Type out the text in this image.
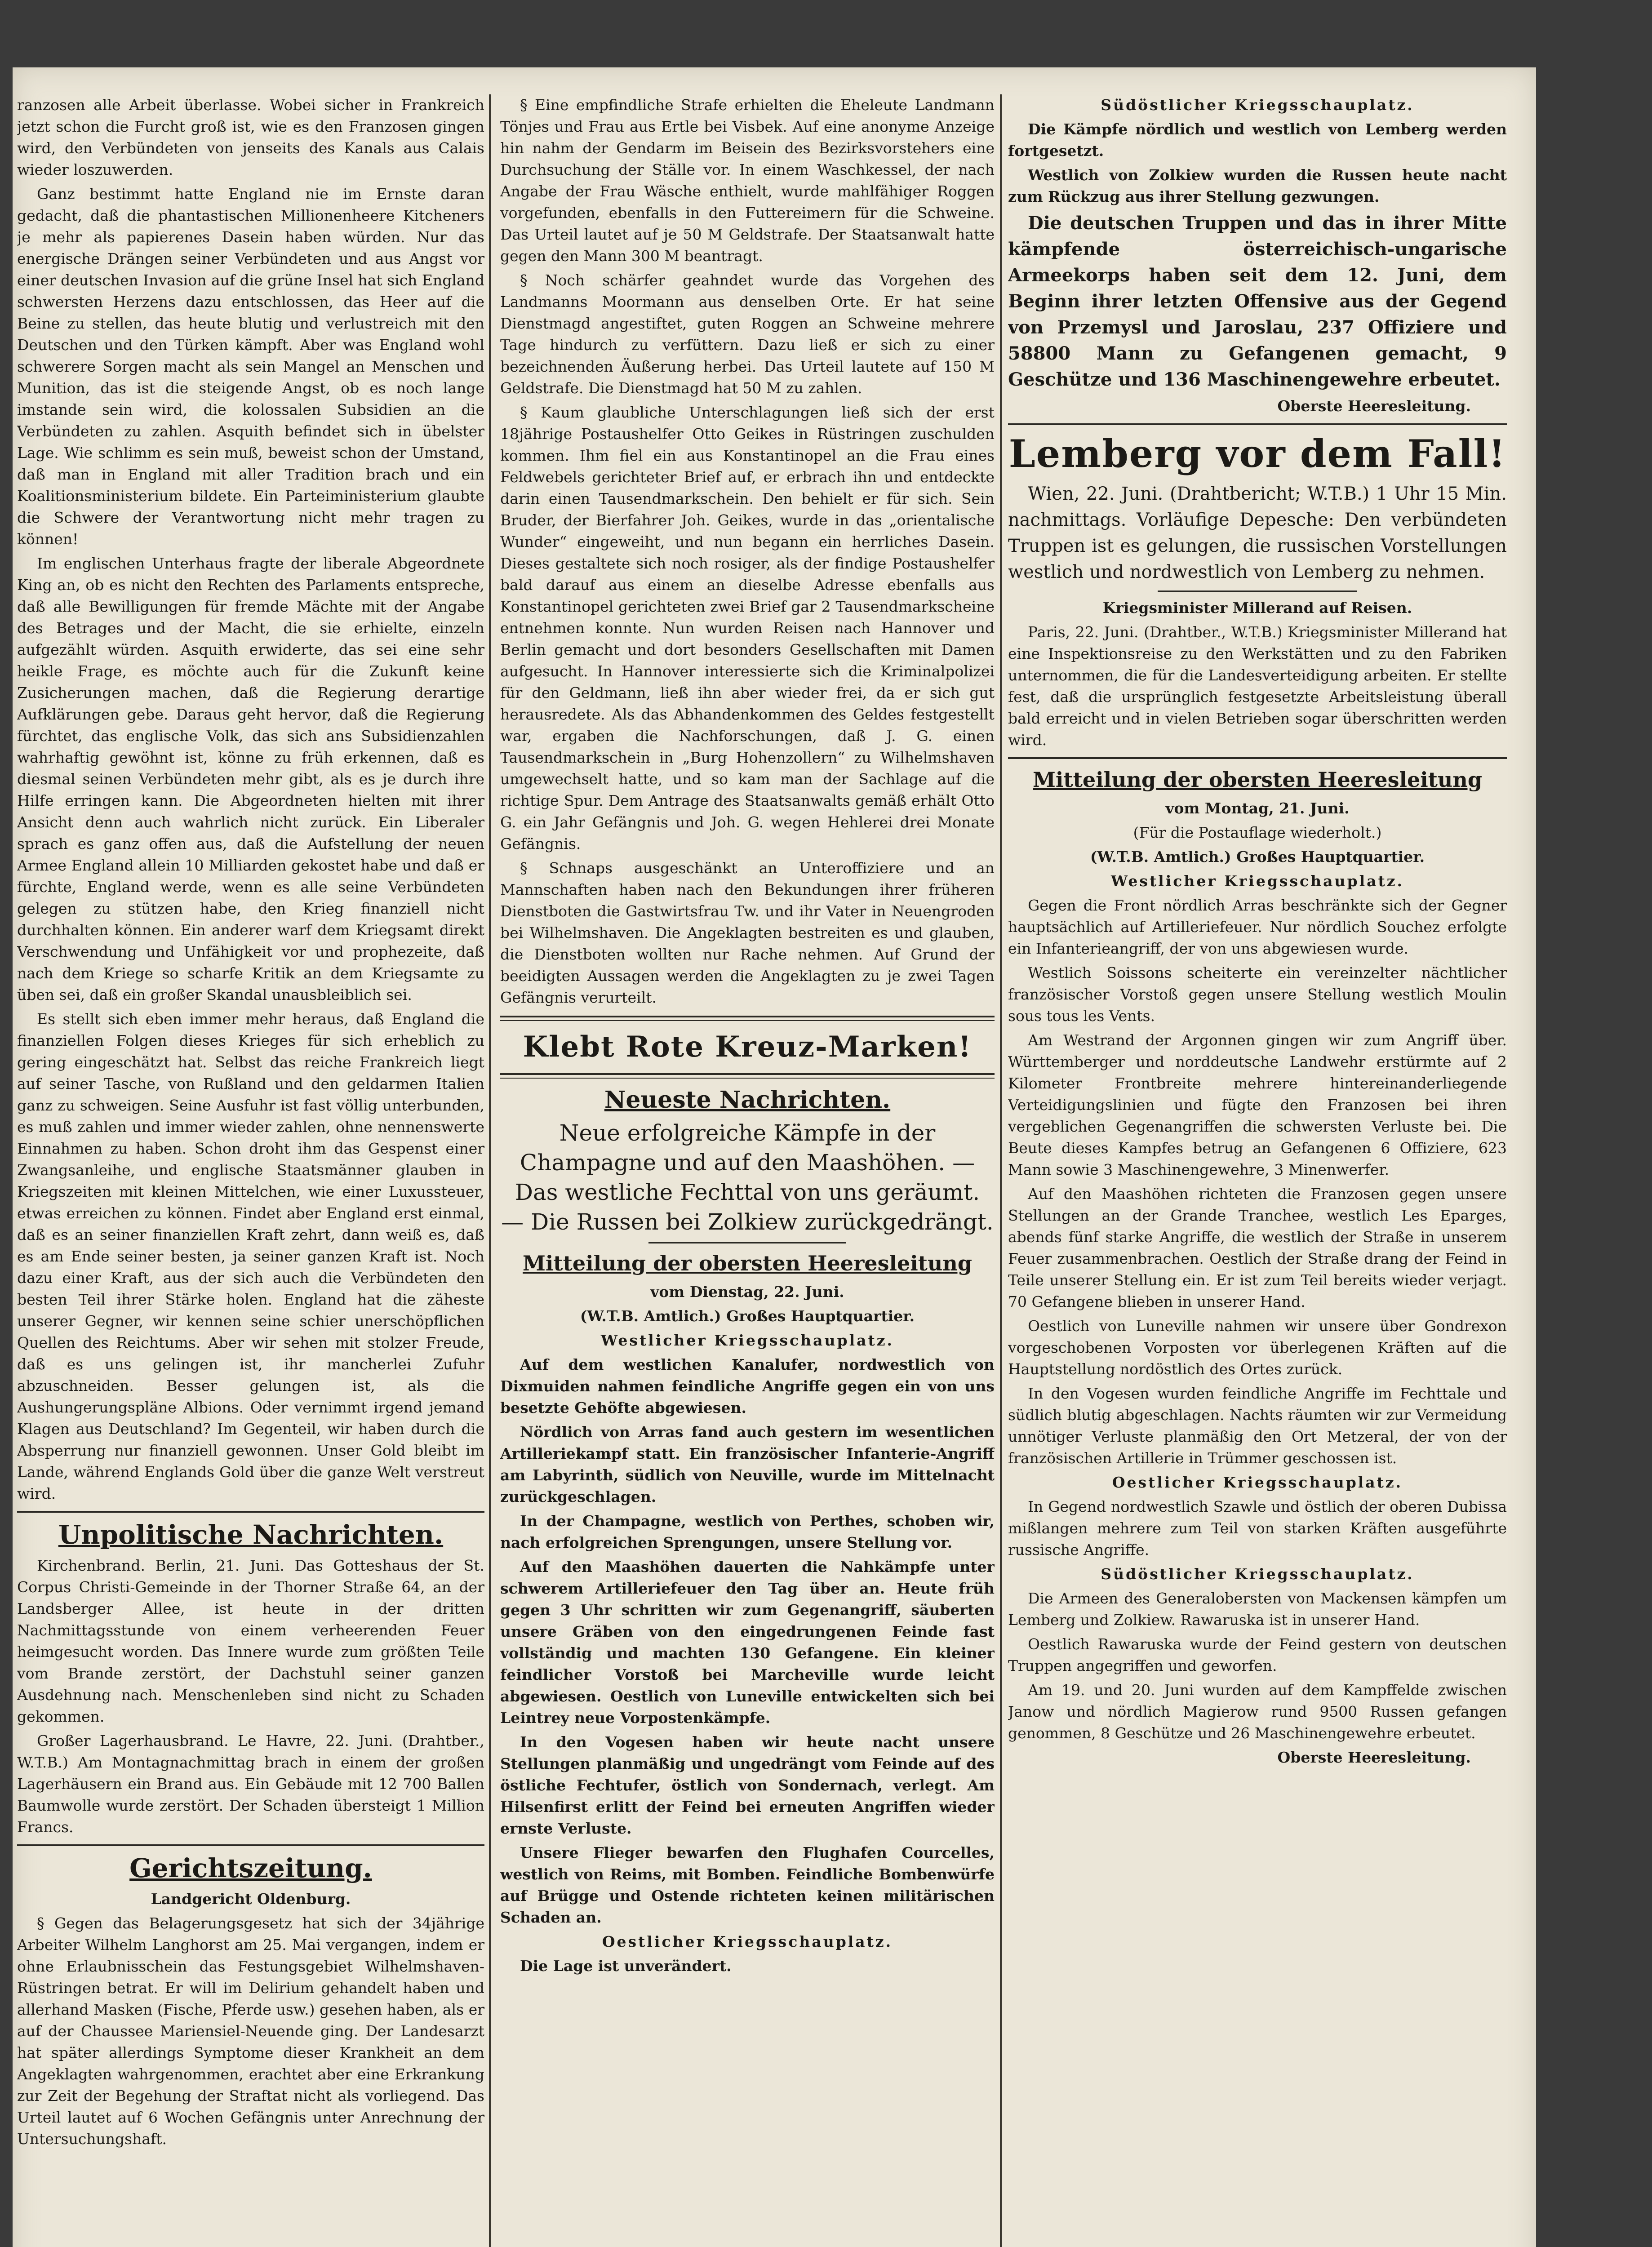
ranzosen alle Arbeit überlasse. Wobei sicher in Frankreich jetzt schon die Furcht groß ist, wie es den Franzosen gingen wird, den Verbündeten von jenseits des Kanals aus Calais wieder loszuwerden.

Ganz bestimmt hatte England nie im Ernste daran gedacht, daß die phantastischen Millionenheere Kitcheners je mehr als papierenes Dasein haben würden. Nur das energische Drängen seiner Verbündeten und aus Angst vor einer deutschen Invasion auf die grüne Insel hat sich England schwersten Herzens dazu entschlossen, das Heer auf die Beine zu stellen, das heute blutig und verlustreich mit den Deutschen und den Türken kämpft. Aber was England wohl schwerere Sorgen macht als sein Mangel an Menschen und Munition, das ist die steigende Angst, ob es noch lange imstande sein wird, die kolossalen Subsidien an die Verbündeten zu zahlen. Asquith befindet sich in übelster Lage. Wie schlimm es sein muß, beweist schon der Umstand, daß man in England mit aller Tradition brach und ein Koalitionsministerium bildete. Ein Parteiministerium glaubte die Schwere der Verantwortung nicht mehr tragen zu können!

Im englischen Unterhaus fragte der liberale Abgeordnete King an, ob es nicht den Rechten des Parlaments entspreche, daß alle Bewilligungen für fremde Mächte mit der Angabe des Betrages und der Macht, die sie erhielte, einzeln aufgezählt würden. Asquith erwiderte, das sei eine sehr heikle Frage, es möchte auch für die Zukunft keine Zusicherungen machen, daß die Regierung derartige Aufklärungen gebe. Daraus geht hervor, daß die Regierung fürchtet, das englische Volk, das sich ans Subsidienzahlen wahrhaftig gewöhnt ist, könne zu früh erkennen, daß es diesmal seinen Verbündeten mehr gibt, als es je durch ihre Hilfe erringen kann. Die Abgeordneten hielten mit ihrer Ansicht denn auch wahrlich nicht zurück. Ein Liberaler sprach es ganz offen aus, daß die Aufstellung der neuen Armee England allein 10 Milliarden gekostet habe und daß er fürchte, England werde, wenn es alle seine Verbündeten gelegen zu stützen habe, den Krieg finanziell nicht durchhalten können. Ein anderer warf dem Kriegsamt direkt Verschwendung und Unfähigkeit vor und prophezeite, daß nach dem Kriege so scharfe Kritik an dem Kriegsamte zu üben sei, daß ein großer Skandal unausbleiblich sei.

Es stellt sich eben immer mehr heraus, daß England die finanziellen Folgen dieses Krieges für sich erheblich zu gering eingeschätzt hat. Selbst das reiche Frankreich liegt auf seiner Tasche, von Rußland und den geldarmen Italien ganz zu schweigen. Seine Ausfuhr ist fast völlig unterbunden, es muß zahlen und immer wieder zahlen, ohne nennenswerte Einnahmen zu haben. Schon droht ihm das Gespenst einer Zwangsanleihe, und englische Staatsmänner glauben in Kriegszeiten mit kleinen Mittelchen, wie einer Luxussteuer, etwas erreichen zu können. Findet aber England erst einmal, daß es an seiner finanziellen Kraft zehrt, dann weiß es, daß es am Ende seiner besten, ja seiner ganzen Kraft ist. Noch dazu einer Kraft, aus der sich auch die Verbündeten den besten Teil ihrer Stärke holen. England hat die zäheste unserer Gegner, wir kennen seine schier unerschöpflichen Quellen des Reichtums. Aber wir sehen mit stolzer Freude, daß es uns gelingen ist, ihr mancherlei Zufuhr abzuschneiden. Besser gelungen ist, als die Aushungerungspläne Albions. Oder vernimmt irgend jemand Klagen aus Deutschland? Im Gegenteil, wir haben durch die Absperrung nur finanziell gewonnen. Unser Gold bleibt im Lande, während Englands Gold über die ganze Welt verstreut wird.

Unpolitische Nachrichten.

Kirchenbrand. Berlin, 21. Juni. Das Gotteshaus der St. Corpus Christi-Gemeinde in der Thorner Straße 64, an der Landsberger Allee, ist heute in der dritten Nachmittagsstunde von einem verheerenden Feuer heimgesucht worden. Das Innere wurde zum größten Teile vom Brande zerstört, der Dachstuhl seiner ganzen Ausdehnung nach. Menschenleben sind nicht zu Schaden gekommen.

Großer Lagerhausbrand. Le Havre, 22. Juni. (Drahtber., W.T.B.) Am Montagnachmittag brach in einem der großen Lagerhäusern ein Brand aus. Ein Gebäude mit 12 700 Ballen Baumwolle wurde zerstört. Der Schaden übersteigt 1 Million Francs.

Gerichtszeitung.

Landgericht Oldenburg.

§ Gegen das Belagerungsgesetz hat sich der 34jährige Arbeiter Wilhelm Langhorst am 25. Mai vergangen, indem er ohne Erlaubnisschein das Festungsgebiet Wilhelmshaven-Rüstringen betrat. Er will im Delirium gehandelt haben und allerhand Masken (Fische, Pferde usw.) gesehen haben, als er auf der Chaussee Mariensiel-Neuende ging. Der Landesarzt hat später allerdings Symptome dieser Krankheit an dem Angeklagten wahrgenommen, erachtet aber eine Erkrankung zur Zeit der Begehung der Straftat nicht als vorliegend. Das Urteil lautet auf 6 Wochen Gefängnis unter Anrechnung der Untersuchungshaft.

§ Eine empfindliche Strafe erhielten die Eheleute Landmann Tönjes und Frau aus Ertle bei Visbek. Auf eine anonyme Anzeige hin nahm der Gendarm im Beisein des Bezirksvorstehers eine Durchsuchung der Ställe vor. In einem Waschkessel, der nach Angabe der Frau Wäsche enthielt, wurde mahlfähiger Roggen vorgefunden, ebenfalls in den Futtereimern für die Schweine. Das Urteil lautet auf je 50 M Geldstrafe. Der Staatsanwalt hatte gegen den Mann 300 M beantragt.

§ Noch schärfer geahndet wurde das Vorgehen des Landmanns Moormann aus denselben Orte. Er hat seine Dienstmagd angestiftet, guten Roggen an Schweine mehrere Tage hindurch zu verfüttern. Dazu ließ er sich zu einer bezeichnenden Äußerung herbei. Das Urteil lautete auf 150 M Geldstrafe. Die Dienstmagd hat 50 M zu zahlen.

§ Kaum glaubliche Unterschlagungen ließ sich der erst 18jährige Postaushelfer Otto Geikes in Rüstringen zuschulden kommen. Ihm fiel ein aus Konstantinopel an die Frau eines Feldwebels gerichteter Brief auf, er erbrach ihn und entdeckte darin einen Tausendmarkschein. Den behielt er für sich. Sein Bruder, der Bierfahrer Joh. Geikes, wurde in das „orientalische Wunder“ eingeweiht, und nun begann ein herrliches Dasein. Dieses gestaltete sich noch rosiger, als der findige Postaushelfer bald darauf aus einem an dieselbe Adresse ebenfalls aus Konstantinopel gerichteten zwei Brief gar 2 Tausendmarkscheine entnehmen konnte. Nun wurden Reisen nach Hannover und Berlin gemacht und dort besonders Gesellschaften mit Damen aufgesucht. In Hannover interessierte sich die Kriminalpolizei für den Geldmann, ließ ihn aber wieder frei, da er sich gut herausredete. Als das Abhandenkommen des Geldes festgestellt war, ergaben die Nachforschungen, daß J. G. einen Tausendmarkschein in „Burg Hohenzollern“ zu Wilhelmshaven umgewechselt hatte, und so kam man der Sachlage auf die richtige Spur. Dem Antrage des Staatsanwalts gemäß erhält Otto G. ein Jahr Gefängnis und Joh. G. wegen Hehlerei drei Monate Gefängnis.

§ Schnaps ausgeschänkt an Unteroffiziere und an Mannschaften haben nach den Bekundungen ihrer früheren Dienstboten die Gastwirtsfrau Tw. und ihr Vater in Neuengroden bei Wilhelmshaven. Die Angeklagten bestreiten es und glauben, die Dienstboten wollten nur Rache nehmen. Auf Grund der beeidigten Aussagen werden die Angeklagten zu je zwei Tagen Gefängnis verurteilt.

Klebt Rote Kreuz-Marken!
Neueste Nachrichten.

Neue erfolgreiche Kämpfe in der Champagne und auf den Maashöhen. — Das westliche Fechttal von uns geräumt. — Die Russen bei Zolkiew zurückgedrängt.

Mitteilung der obersten Heeresleitung

vom Dienstag, 22. Juni.

(W.T.B. Amtlich.) Großes Hauptquartier.

Westlicher Kriegsschauplatz.

Auf dem westlichen Kanalufer, nordwestlich von Dixmuiden nahmen feindliche Angriffe gegen ein von uns besetzte Gehöfte abgewiesen.

Nördlich von Arras fand auch gestern im wesentlichen Artilleriekampf statt. Ein französischer Infanterie-Angriff am Labyrinth, südlich von Neuville, wurde im Mittelnacht zurückgeschlagen.

In der Champagne, westlich von Perthes, schoben wir, nach erfolgreichen Sprengungen, unsere Stellung vor.

Auf den Maashöhen dauerten die Nahkämpfe unter schwerem Artilleriefeuer den Tag über an. Heute früh gegen 3 Uhr schritten wir zum Gegenangriff, säuberten unsere Gräben von den eingedrungenen Feinde fast vollständig und machten 130 Gefangene. Ein kleiner feindlicher Vorstoß bei Marcheville wurde leicht abgewiesen. Oestlich von Luneville entwickelten sich bei Leintrey neue Vorpostenkämpfe.

In den Vogesen haben wir heute nacht unsere Stellungen planmäßig und ungedrängt vom Feinde auf des östliche Fechtufer, östlich von Sondernach, verlegt. Am Hilsenfirst erlitt der Feind bei erneuten Angriffen wieder ernste Verluste.

Unsere Flieger bewarfen den Flughafen Courcelles, westlich von Reims, mit Bomben. Feindliche Bombenwürfe auf Brügge und Ostende richteten keinen militärischen Schaden an.

Oestlicher Kriegsschauplatz.

Die Lage ist unverändert.

Südöstlicher Kriegsschauplatz.

Die Kämpfe nördlich und westlich von Lemberg werden fortgesetzt.

Westlich von Zolkiew wurden die Russen heute nacht zum Rückzug aus ihrer Stellung gezwungen.

Die deutschen Truppen und das in ihrer Mitte kämpfende österreichisch-ungarische Armeekorps haben seit dem 12. Juni, dem Beginn ihrer letzten Offensive aus der Gegend von Przemysl und Jaroslau, 237 Offiziere und 58800 Mann zu Gefangenen gemacht, 9 Geschütze und 136 Maschinengewehre erbeutet.

Oberste Heeresleitung.

Lemberg vor dem Fall!

Wien, 22. Juni. (Drahtbericht; W.T.B.) 1 Uhr 15 Min. nachmittags. Vorläufige Depesche: Den verbündeten Truppen ist es gelungen, die russischen Vorstellungen westlich und nordwestlich von Lemberg zu nehmen.

Kriegsminister Millerand auf Reisen.

Paris, 22. Juni. (Drahtber., W.T.B.) Kriegsminister Millerand hat eine Inspektionsreise zu den Werkstätten und zu den Fabriken unternommen, die für die Landesverteidigung arbeiten. Er stellte fest, daß die ursprünglich festgesetzte Arbeitsleistung überall bald erreicht und in vielen Betrieben sogar überschritten werden wird.

Mitteilung der obersten Heeresleitung

vom Montag, 21. Juni.

(Für die Postauflage wiederholt.)

(W.T.B. Amtlich.) Großes Hauptquartier.

Westlicher Kriegsschauplatz.

Gegen die Front nördlich Arras beschränkte sich der Gegner hauptsächlich auf Artilleriefeuer. Nur nördlich Souchez erfolgte ein Infanterieangriff, der von uns abgewiesen wurde.

Westlich Soissons scheiterte ein vereinzelter nächtlicher französischer Vorstoß gegen unsere Stellung westlich Moulin sous tous les Vents.

Am Westrand der Argonnen gingen wir zum Angriff über. Württemberger und norddeutsche Landwehr erstürmte auf 2 Kilometer Frontbreite mehrere hintereinanderliegende Verteidigungslinien und fügte den Franzosen bei ihren vergeblichen Gegenangriffen die schwersten Verluste bei. Die Beute dieses Kampfes betrug an Gefangenen 6 Offiziere, 623 Mann sowie 3 Maschinengewehre, 3 Minenwerfer.

Auf den Maashöhen richteten die Franzosen gegen unsere Stellungen an der Grande Tranchee, westlich Les Eparges, abends fünf starke Angriffe, die westlich der Straße in unserem Feuer zusammenbrachen. Oestlich der Straße drang der Feind in Teile unserer Stellung ein. Er ist zum Teil bereits wieder verjagt. 70 Gefangene blieben in unserer Hand.

Oestlich von Luneville nahmen wir unsere über Gondrexon vorgeschobenen Vorposten vor überlegenen Kräften auf die Hauptstellung nordöstlich des Ortes zurück.

In den Vogesen wurden feindliche Angriffe im Fechttale und südlich blutig abgeschlagen. Nachts räumten wir zur Vermeidung unnötiger Verluste planmäßig den Ort Metzeral, der von der französischen Artillerie in Trümmer geschossen ist.

Oestlicher Kriegsschauplatz.

In Gegend nordwestlich Szawle und östlich der oberen Dubissa mißlangen mehrere zum Teil von starken Kräften ausgeführte russische Angriffe.

Südöstlicher Kriegsschauplatz.

Die Armeen des Generalobersten von Mackensen kämpfen um Lemberg und Zolkiew. Rawaruska ist in unserer Hand.

Oestlich Rawaruska wurde der Feind gestern von deutschen Truppen angegriffen und geworfen.

Am 19. und 20. Juni wurden auf dem Kampffelde zwischen Janow und nördlich Magierow rund 9500 Russen gefangen genommen, 8 Geschütze und 26 Maschinengewehre erbeutet.

Oberste Heeresleitung.
